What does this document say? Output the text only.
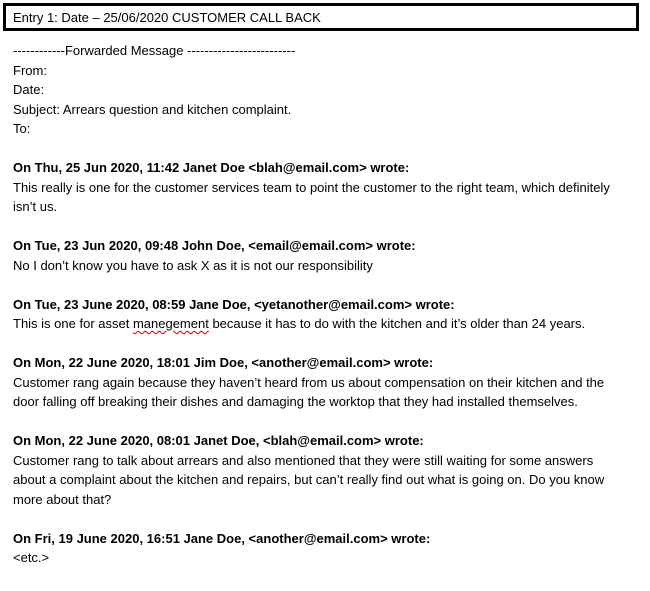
Entry 1: Date – 25/06/2020 CUSTOMER CALL BACK
------------Forwarded Message -------------------------
From:
Date:
Subject: Arrears question and kitchen complaint.
To:
On Thu, 25 Jun 2020, 11:42 Janet Doe <blah@email.com> wrote:
This really is one for the customer services team to point the customer to the right team, which definitely isn’t us.
On Tue, 23 Jun 2020, 09:48 John Doe, <email@email.com> wrote:
No I don’t know you have to ask X as it is not our responsibility
On Tue, 23 June 2020, 08:59 Jane Doe, <yetanother@email.com> wrote:
This is one for asset manegement because it has to do with the kitchen and it’s older than 24 years.
On Mon, 22 June 2020, 18:01 Jim Doe, <another@email.com> wrote:
Customer rang again because they haven’t heard from us about compensation on their kitchen and the door falling off breaking their dishes and damaging the worktop that they had installed themselves.
On Mon, 22 June 2020, 08:01 Janet Doe, <blah@email.com> wrote:
Customer rang to talk about arrears and also mentioned that they were still waiting for some answers about a complaint about the kitchen and repairs, but can’t really find out what is going on. Do you know more about that?
On Fri, 19 June 2020, 16:51 Jane Doe, <another@email.com> wrote:
<etc.>
